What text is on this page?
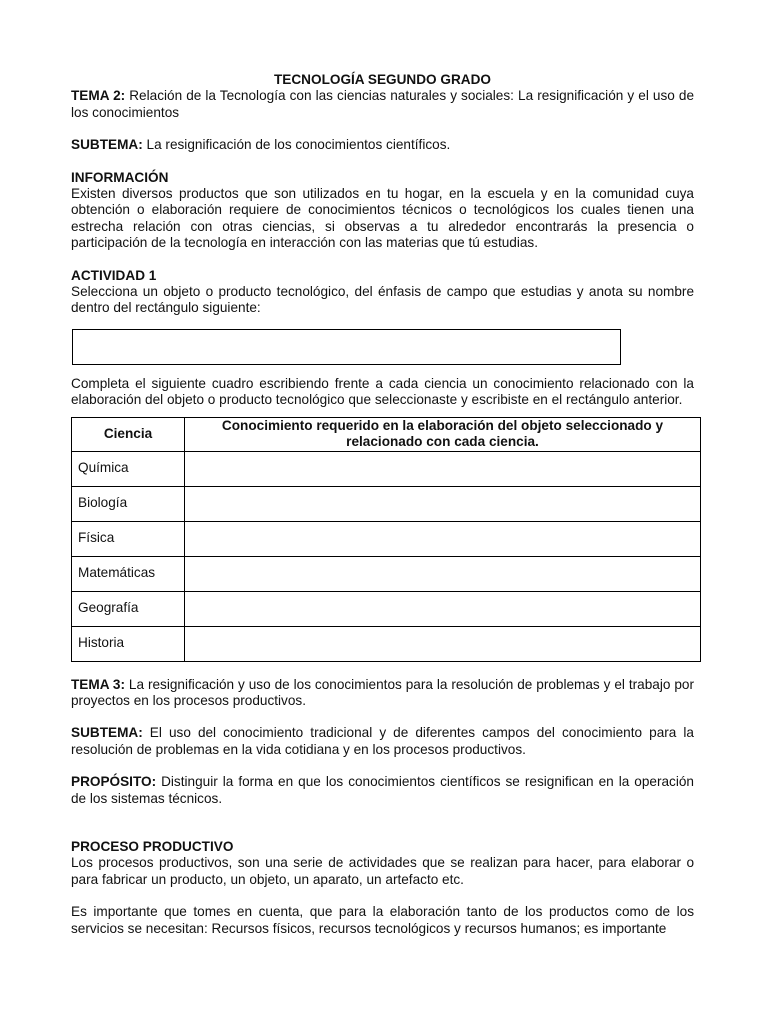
TECNOLOGÍA SEGUNDO GRADO

TEMA 2: Relación de la Tecnología con las ciencias naturales y sociales: La resignificación y el uso de los conocimientos

SUBTEMA: La resignificación de los conocimientos científicos.

INFORMACIÓN

Existen diversos productos que son utilizados en tu hogar, en la escuela y en la comunidad cuya obtención o elaboración requiere de conocimientos técnicos o tecnológicos los cuales tienen una estrecha relación con otras ciencias, si observas a tu alrededor encontrarás la presencia o participación de la tecnología en interacción con las materias que tú estudias.

ACTIVIDAD 1

Selecciona un objeto o producto tecnológico, del énfasis de campo que estudias y anota su nombre dentro del rectángulo siguiente:

Completa el siguiente cuadro escribiendo frente a cada ciencia un conocimiento relacionado con la elaboración del objeto o producto tecnológico que seleccionaste y escribiste en el rectángulo anterior.

Ciencia	Conocimiento requerido en la elaboración del objeto seleccionado y relacionado con cada ciencia.
Química	
Biología	
Física	
Matemáticas	
Geografía	
Historia	

TEMA 3: La resignificación y uso de los conocimientos para la resolución de problemas y el trabajo por proyectos en los procesos productivos.

SUBTEMA: El uso del conocimiento tradicional y de diferentes campos del conocimiento para la resolución de problemas en la vida cotidiana y en los procesos productivos.

PROPÓSITO: Distinguir la forma en que los conocimientos científicos se resignifican en la operación de los sistemas técnicos.

PROCESO PRODUCTIVO

Los procesos productivos, son una serie de actividades que se realizan para hacer, para elaborar o para fabricar un producto, un objeto, un aparato, un artefacto etc.

Es importante que tomes en cuenta, que para la elaboración tanto de los productos como de los servicios se necesitan: Recursos físicos, recursos tecnológicos y recursos humanos; es importante
